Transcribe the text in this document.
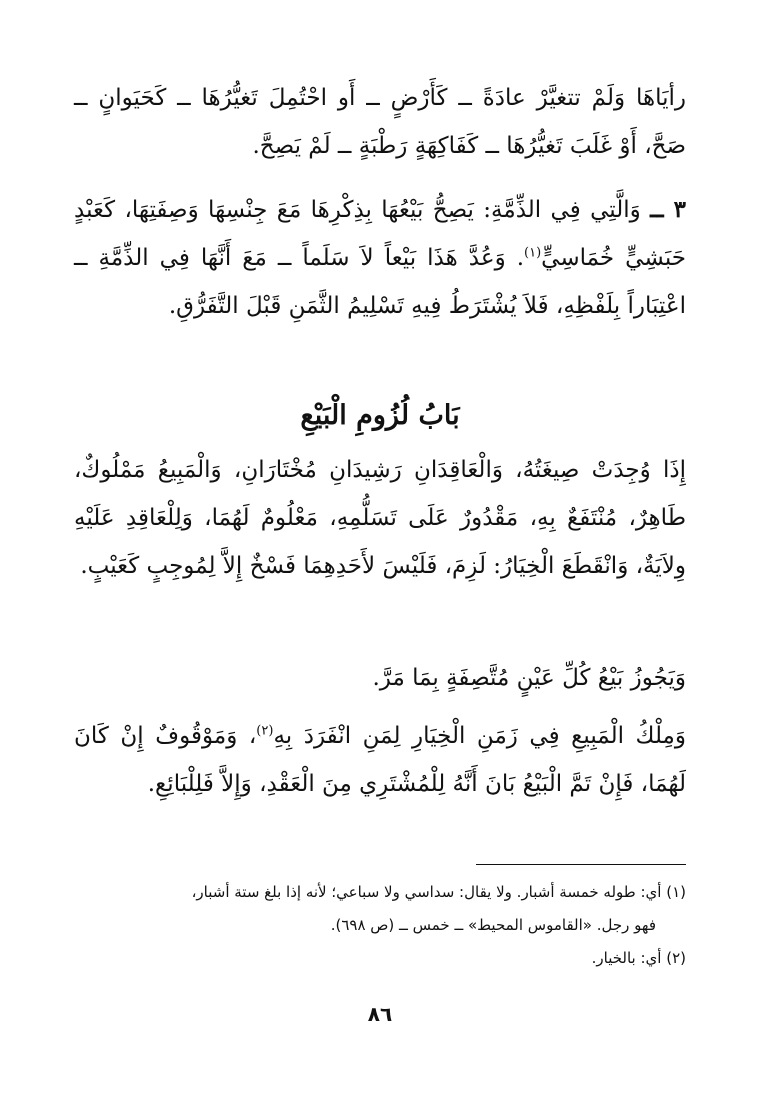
رأيَاهَا وَلَمْ تتغيَّرْ عادَةً ــ كَأَرْضٍ ــ أَو احْتُمِلَ تَغيُّرُهَا ــ كَحَيَوانٍ ــ صَحَّ، أَوْ غَلَبَ تَغيُّرُهَا ــ كَفَاكِهَةٍ رَطْبَةٍ ــ لَمْ يَصِحَّ.

٣ ــ وَالَّتِي فِي الذِّمَّةِ: يَصِحُّ بَيْعُهَا بِذِكْرِهَا مَعَ جِنْسِهَا وَصِفَتِهَا، كَعَبْدٍ حَبَشِيٍّ خُمَاسِيٍّ$^{(١)}$. وَعُدَّ هَذَا بَيْعاً لاَ سَلَماً ــ مَعَ أَنَّهَا فِي الذِّمَّةِ ــ اعْتِبَاراً بِلَفْظِهِ، فَلاَ يُشْتَرَطُ فِيهِ تَسْلِيمُ الثَّمَنِ قَبْلَ التَّفَرُّقِ.

بَابُ لُزُومِ الْبَيْعِ

إِذَا وُجِدَتْ صِيغَتُهُ، وَالْعَاقِدَانِ رَشِيدَانِ مُخْتَارَانِ، وَالْمَبِيعُ مَمْلُوكٌ، طَاهِرٌ، مُنْتَفَعٌ بِهِ، مَقْدُورٌ عَلَى تَسَلُّمِهِ، مَعْلُومٌ لَهُمَا، وَلِلْعَاقِدِ عَلَيْهِ وِلاَيَةٌ، وَانْقَطَعَ الْخِيَارُ: لَزِمَ، فَلَيْسَ لأَحَدِهِمَا فَسْخٌ إِلاَّ لِمُوجِبٍ كَعَيْبٍ.

وَيَجُوزُ بَيْعُ كُلِّ عَيْنٍ مُتَّصِفَةٍ بِمَا مَرَّ.

وَمِلْكُ الْمَبِيعِ فِي زَمَنِ الْخِيَارِ لِمَنِ انْفَرَدَ بِهِ$^{(٢)}$، وَمَوْقُوفٌ إِنْ كَانَ لَهُمَا، فَإِنْ تَمَّ الْبَيْعُ بَانَ أَنَّهُ لِلْمُشْتَرِي مِنَ الْعَقْدِ، وَإِلاَّ فَلِلْبَائِعِ.

(١) أي: طوله خمسة أشبار. ولا يقال: سداسي ولا سباعي؛ لأنه إذا بلغ ستة أشبار،

فهو رجل. «القاموس المحيط» ــ خمس ــ (ص ٦٩٨).

(٢) أي: بالخيار.

٨٦
